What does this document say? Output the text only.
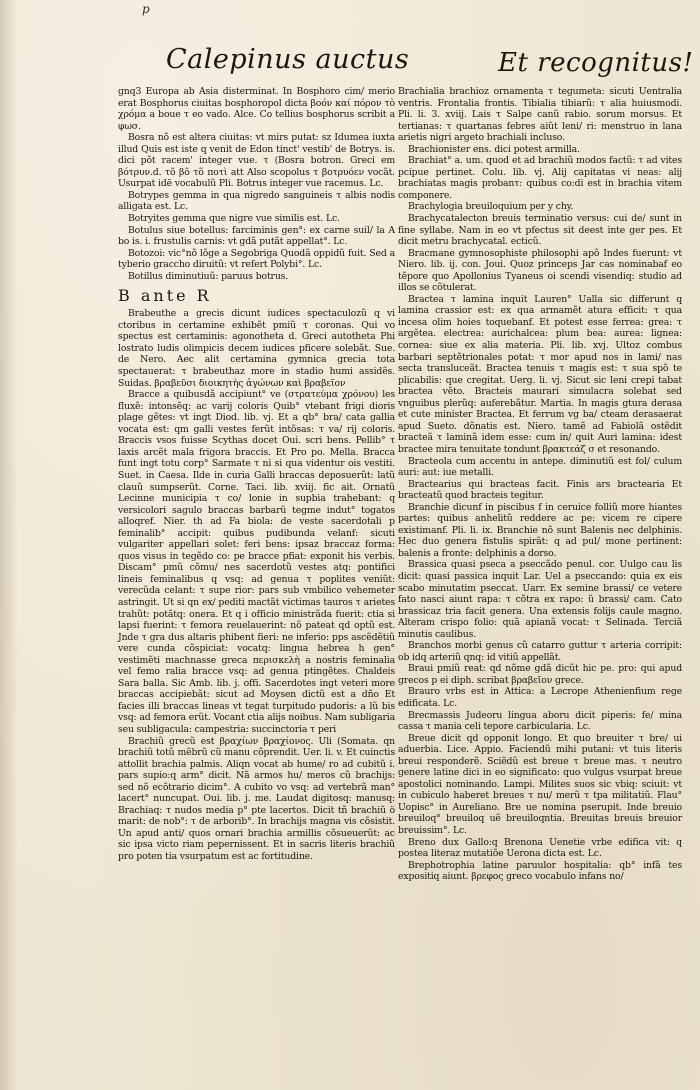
p
Calepinus auctus	Et recognitus!

gnq3 Europa ab Asia disterminat. In Bosphoro cim/ merio erat Bosphorus ciuitas bosphoropol dicta βοόν καί πόρον τὸ χρόμα a boue τ eo vado. Alce. Co tellius bosphorus scribit a φωσ.

Bosra nõ est altera ciuitas: vt mirs putat: sz Idumea iuxta illud Quis est iste q venit de Edon tinct' vestib' de Botrys. is. dici põt racem' integer vue. τ (Bosra botron. Greci em βότρυν.d. τõ βõ τõ ποτὶ att Also scopolus τ βοτρυόεν vocãt. Usurpat idē vocabulũ Pli. Botrus integer vue racemus. Lc.

Botrypes gemma in qua nigredo sanguineis τ albis nodis alligata est. Lc.

Botryites gemma que nigre vue similis est. Lc.

Botulus siue botellus: farciminis gen°: ex carne suil/ la A bo is. i. frustulis carnis: vt gdã putãt appellat°. Lc.

Botozoi: vic°nõ lõge a Segobriga Quodã oppidũ fuit. Sed a tyberio graccho diruitũ: vt refert Polybi°. Lc.

Botillus diminutiuũ: paruus botrus.

B ante R

Brabeuthe a grecis dicunt iudices spectaculozũ q vi ctoribus in certamine exhibẽt pmiũ τ coronas. Qui vo spectus est certaminis: agonotheta d. Greci autotheta Phi lostrato ludis olimpicis decem iudices pficere solebãt. Sue. de Nero. Aec alit certamina gymnica grecia tota spectauerat: τ brabeuthaz more in stadio humi assidẽs. Suidas. βραβεῦσι διοικητὴς ἀγώνων καὶ βραβεῖον

Bracce a quibusdã accipiunt° ve (στρατεύμα χρόνου) les fluxẽ: intonsẽq: ac varij coloris Quib° vtebant frigi dioris plage gẽtes: vt ingt Diod. lib. vj. Et a qb° bra/ cata gallia vocata est: qm galli vestes ferũt intõsas: τ va/ rij coloris. Braccis vsos fuisse Scythas docet Oui. scri bens. Pellib° τ laxis arcẽt mala frigora braccis. Et Pro po. Mella. Bracca funt ingt totu corp° Sarmate τ ni si qua videntur ois vestiti. Suet. in Caesa. Ilde in curia Galli braccas deposuerũt: latũ clauũ sumpserũt. Corne. Taci. lib. xviij. fic ait. Ornatũ Lecinne municipia τ co/ lonie in supbia trahebant: q versicolori sagulo braccas barbarũ tegme indut° togatos alloqref. Nier. th ad Fa biola: de veste sacerdotali p feminalib° accipit: quibus pudibunda velanf: sicuti vulgariter appellari solet: feri bens: ipsaz braccaz forma: quos visus in tegẽdo co: pe bracce pfiat: exponit his verbis. Discam° pmũ cõmu/ nes sacerdotũ vestes atq: pontifici lineis feminalibus q vsq: ad genua τ poplites veniũt: verecũda celant: τ supe rior: pars sub vmbilico vehemeter astringit. Ut si qn ex/ pediti mactãt victimas tauros τ arietes trahũt: potãtq: onera. Et q i officio ministrãda fuerit: ctia si lapsi fuerint: τ femora reuelauerint: nõ pateat qd optũ est. Jnde τ gra dus altaris phibent fieri: ne inferio: pps ascẽdẽtiũ vere cunda cõspiciat: vocatq: lingua hebrea h gen° vestimẽti machnasse greca περισκελὴ a nostris feminalia vel femo ralia bracce vsq: ad genua ptingẽtes. Chaldeis Sara balla. Sic Amb. lib. j. offi. Sacerdotes ingt veteri more braccas accipiebãt: sicut ad Moysen dictũ est a dño Et facies illi braccas lineas vt tegat turpitudo pudoris: a lũ bis vsq: ad femora erũt. Vocant ctia alijs noibus. Nam subligaria seu subligacula: campestria: succinctoria τ peri

Brachiũ grecũ est βραχίων βραχίονος. Uli (Somata. qn brachiũ totũ mẽbrũ cũ manu cõprendit. Uer. li. v. Et cuinctis attollit brachia palmis. Aliqn vocat ab hume/ ro ad cubitũ i. pars supio:q arm° dicit. Nã armos hu/ meros cũ brachijs: sed nõ ecõtrario dicim°. A cubito vo vsq: ad vertebrã man° lacert° nuncupat. Oui. lib. j. me. Laudat digitosq: manusq: Brachiaq: τ nudos media p° pte lacertos. Dicit tñ brachiũ ö marit: de nob°: τ de arborib°. In brachijs magna vis cõsistit. Un apud anti/ quos ornari brachia armillis cõsueuerũt: ac sic ipsa victo riam pepernissent. Et in sacris literis brachiũ pro poten tia vsurpatum est ac fortitudine.

Brachialia brachioz ornamenta τ tegumeta: sicuti Uentralia ventris. Frontalia frontis. Tibialia tibiarũ: τ alia huiusmodi. Pli. li. 3. xviij. Lais τ Salpe canũ rabio. sorum morsus. Et tertianas: τ quartanas febres aiũt leni/ ri: menstruo in lana arietis nigri argeto brachiali incluso.

Brachionister ens. dici potest armilla.

Brachiat° a. um. quod et ad brachiũ modos factũ: τ ad vites pcipue pertinet. Colu. lib. vj. Alij capitatas vi neas: alij brachiatas magis probanτ: quibus co:di est in brachia vitem componere.

Brachylogia breuiloquium per y chy.

Brachycatalecton breuis terminatio versus: cui de/ sunt in fine syllabe. Nam in eo vt pfectus sit deest inte ger pes. Et dicit metru brachycatal. ecticũ.

Bracmane gymnosophiste philosophi apõ Indes fuerunt: vt Niero. lib. ij. con. Joui. Quoz princeps Jar cas nominabaf eo tẽpore quo Apollonius Tyaneus oi scendi visendiq: studio ad illos se cõtulerat.

Bractea τ lamina inquit Lauren° Ualla sic differunt q lamina crassior est: ex qua armamẽt atura efficit: τ qua incesa olim hoies toquebanf. Et potest esse ferrea: grea: τ argẽtea. electrea: aurichalcea: plum bea: aurea: lignea: cornea: siue ex alia materia. Pli. lib. xvj. Ultoz combus barbari septẽtrionales potat: τ mor apud nos in lami/ nas secta transluceãt. Bractea tenuis τ magis est: τ sua spõ te plicabilis: que cregitat. Uerg. li. vj. Sicut sic leni crepi tabat bractea vẽto. Bracteis maurari simulacra solebat sed vnguibus plerũq: auferebãtur. Martia. In magis gtura derasa et cute minister Bractea. Et ferrum vg ba/ cteam derasaerat apud Sueto. dõnatis est. Niero. tamẽ ad Fabiolã ostẽdit bracteã τ laminã idem esse: cum in/ quit Auri lamina: idest bractee mira tenuitate tondunt βρακτεάζ σ et resonando.

Bracteola cum accentu in antepe. diminutiũ est fol/ culum auri: aut: iue metalli.

Bractearius qui bracteas facit. Finis ars bractearia Et bracteatũ quod bracteis tegitur.

Branchie dicunf in piscibus f in ceruice folliũ more hiantes partes: quibus anhelitũ reddere ac pe: vicem re cipere existimanf. Pli. li. ix. Branchie nõ sunt Balenis nec delphinis. Hec duo genera fistulis spirãt: q ad pul/ mone pertinent: balenis a fronte: delphinis a dorso.

Brassica quasi pseca a pseccãdo penul. cor. Uulgo cau lis dicit: quasi passica inquit Lar. Uel a pseccando: quia ex eis scabo minutatim pseccat. Uarr. Ex semine brassi/ ce vetere fato nasci aiunt rapa: τ cõtra ex rapo: ũ brassi/ cam. Cato brassicaz tria facit genera. Una extensis folijs caule magno. Alteram crispo folio: quã apianã vocat: τ Selinada. Terciã minutis caulibus.

Branchos morbi genus cũ catarro guttur τ arteria corripit: ob idq arteriũ qnq: id vitiũ appellãt.

Braui pmiũ reat: qd nõme gdã dicũt hic pe. pro: qui apud grecos p ei diph. scribat βραβεῖον grece.

Brauro vrbs est in Attica: a Lecrope Athenienfium rege edificata. Lc.

Brecmassis Judeoru lingua aboru dicit piperis: fe/ mina cassa τ mania celi tepore carbicularia. Lc.

Breue dicit qd opponit longo. Et quo breuiter τ bre/ ui aduerbia. Lice. Appio. Faciendũ mihi putani: vt tuis literis breui responderẽ. Sciẽdũ est breue τ breue mas. τ neutro genere latine dici in eo significato: quo vulgus vsurpat breue apostolici nominando. Lampi. Milites suos sic vbiq: sciuit: vt in cubiculo haberet breues τ nu/ merũ τ tpa militatiũ. Flau° Uopisc° in Aureliano. Bre ue nomina pserupit. Inde breuio breuiloq° breuiloq uẽ breuiloqntia. Breuitas breuis breuior breuissim°. Lc.

Breno dux Gallo:q Brenona Uenetie vrbe edifica vit: q postea literaz mutatiõe Uerona dicta est. Lc.

Brephotrophia latine paruulor hospitalia: qb° infã tes expositiq aiunt. βρεφος greco vocabulo infans no/
